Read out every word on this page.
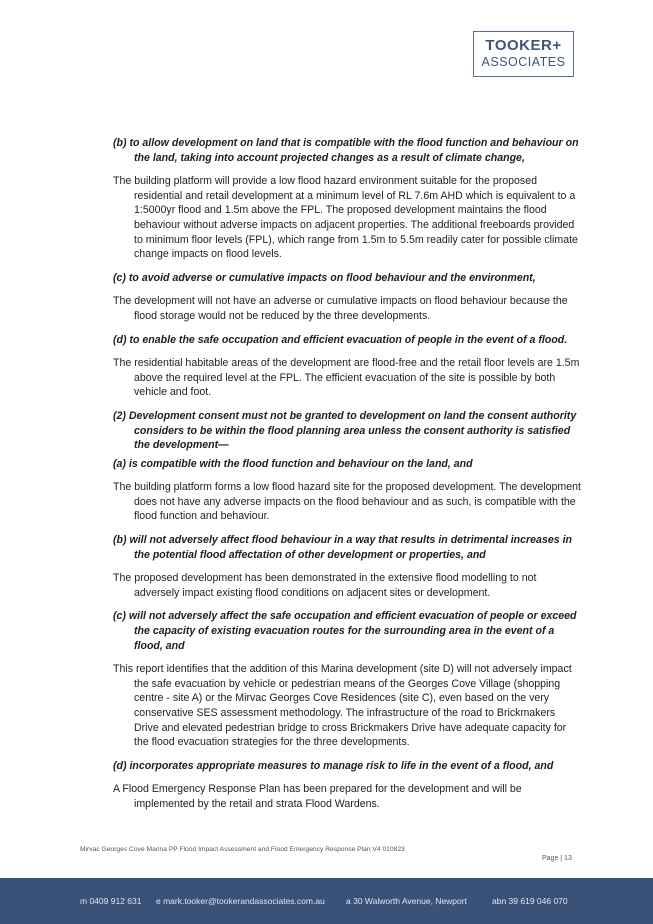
TOOKER+
ASSOCIATES
(b) to allow development on land that is compatible with the flood function and behaviour on the land, taking into account projected changes as a result of climate change,
The building platform will provide a low flood hazard environment suitable for the proposed residential and retail development at a minimum level of RL 7.6m AHD which is equivalent to a 1:5000yr flood and 1.5m above the FPL. The proposed development maintains the flood behaviour without adverse impacts on adjacent properties. The additional freeboards provided to minimum floor levels (FPL), which range from 1.5m to 5.5m readily cater for possible climate change impacts on flood levels.
(c) to avoid adverse or cumulative impacts on flood behaviour and the environment,
The development will not have an adverse or cumulative impacts on flood behaviour because the flood storage would not be reduced by the three developments.
(d) to enable the safe occupation and efficient evacuation of people in the event of a flood.
The residential habitable areas of the development are flood-free and the retail floor levels are 1.5m above the required level at the FPL. The efficient evacuation of the site is possible by both vehicle and foot.
(2) Development consent must not be granted to development on land the consent authority considers to be within the flood planning area unless the consent authority is satisfied the development—
(a) is compatible with the flood function and behaviour on the land, and
The building platform forms a low flood hazard site for the proposed development. The development does not have any adverse impacts on the flood behaviour and as such, is compatible with the flood function and behaviour.
(b) will not adversely affect flood behaviour in a way that results in detrimental increases in the potential flood affectation of other development or properties, and
The proposed development has been demonstrated in the extensive flood modelling to not adversely impact existing flood conditions on adjacent sites or development.
(c) will not adversely affect the safe occupation and efficient evacuation of people or exceed the capacity of existing evacuation routes for the surrounding area in the event of a flood, and
This report identifies that the addition of this Marina development (site D) will not adversely impact the safe evacuation by vehicle or pedestrian means of the Georges Cove Village (shopping centre - site A) or the Mirvac Georges Cove Residences (site C), even based on the very conservative SES assessment methodology. The infrastructure of the road to Brickmakers Drive and elevated pedestrian bridge to cross Brickmakers Drive have adequate capacity for the flood evacuation strategies for the three developments.
(d) incorporates appropriate measures to manage risk to life in the event of a flood, and
A Flood Emergency Response Plan has been prepared for the development and will be implemented by the retail and strata Flood Wardens.
Mirvac Georges Cove Marina PP Flood Impact Assessment and Flood Emergency Response Plan V4 010823
Page | 13
m 0409 912 631 e mark.tooker@tookerandassociates.com.au a 30 Walworth Avenue, Newport	abn 39 619 046 070
